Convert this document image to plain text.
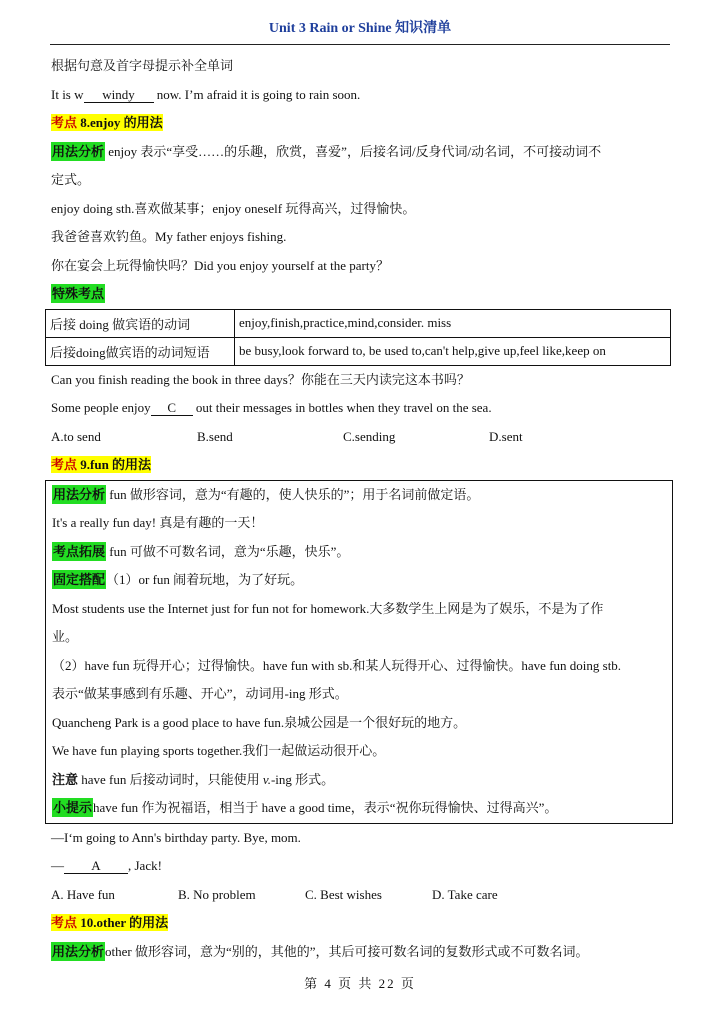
Unit 3 Rain or Shine 知识清单
根据句意及首字母提示补全单词
It is w windy now. I’m afraid it is going to rain soon.
考点 8.enjoy 的用法
用法分析 enjoy 表示“享受……的乐趣，欣赏，喜爱”，后接名词/反身代词/动名词，不可接动词不
定式。
enjoy doing sth.喜欢做某事；enjoy oneself 玩得高兴，过得愉快。
我爸爸喜欢钓鱼。My father enjoys fishing.
你在宴会上玩得愉快吗？Did you enjoy yourself at the party？
特殊考点
后接 doing 做宾语的动词	enjoy,finish,practice,mind,consider. miss
后接doing做宾语的动词短语	be busy,look forward to, be used to,can't help,give up,feel like,keep on
Can you finish reading the book in three days？你能在三天内读完这本书吗？
Some people enjoy C out their messages in bottles when they travel on the sea.
A.to send	B.send	C.sending	D.sent
考点 9.fun 的用法
用法分析 fun 做形容词，意为“有趣的，使人快乐的”；用于名词前做定语。
It's a really fun day! 真是有趣的一天！
考点拓展 fun 可做不可数名词，意为“乐趣，快乐”。
固定搭配（1）or fun 闹着玩地，为了好玩。
Most students use the Internet just for fun not for homework.大多数学生上网是为了娱乐，不是为了作
业。
（2）have fun 玩得开心；过得愉快。have fun with sb.和某人玩得开心、过得愉快。have fun doing stb.
表示“做某事感到有乐趣、开心”，动词用-ing 形式。
Quancheng Park is a good place to have fun.泉城公园是一个很好玩的地方。
We have fun playing sports together.我们一起做运动很开心。
注意 have fun 后接动词时，只能使用 v.-ing 形式。
小提示have fun 作为祝福语，相当于 have a good time，表示“祝你玩得愉快、过得高兴”。
—I‘m going to Ann's birthday party. Bye, mom.
— A , Jack!
A. Have fun	B. No problem	C. Best wishes	D. Take care
考点 10.other 的用法
用法分析other 做形容词，意为“别的，其他的”，其后可接可数名词的复数形式或不可数名词。
第 4 页 共 22 页
